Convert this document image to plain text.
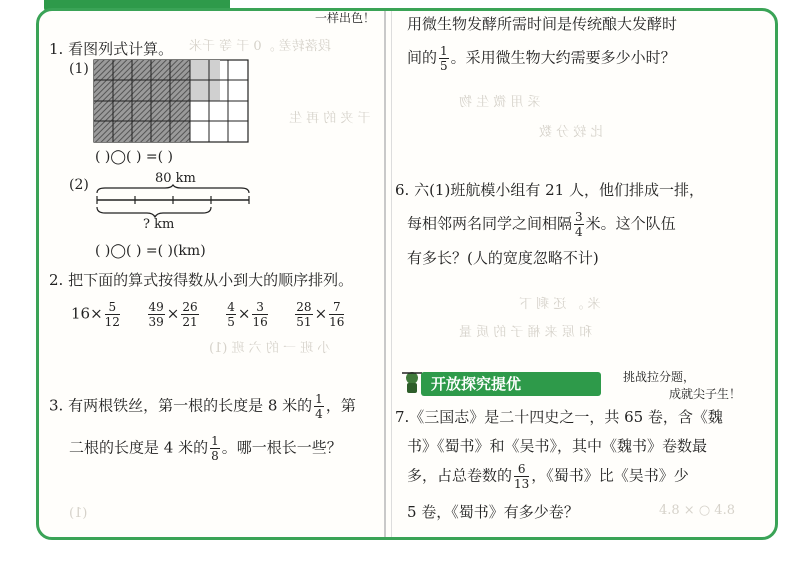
段落转差 。0 干 等 千米
干 夹 的 再 生
采 用 微 生 物
比 较 分 数
米 。 还 剩 下
和 原 来 桶 子 的 质 量
小 班 一 的 六 班 (1)
(1)	4.8 × ○ 4.8
一样出色！
1. 看图列式计算。
(1)
( )◯( ) =( )
(2)	80 km
? km
( )◯( ) =( )(km)
2. 把下面的算式按得数从小到大的顺序排列。
$16\times \frac{5}{12}$
$\frac{49}{39} \times \frac{26}{21}$
$\frac{4}{5} \times \frac{3}{16}$
$\frac{28}{51} \times \frac{7}{16}$
3. 有两根铁丝，第一根的长度是 8 米的 $\frac{1}{4}$ ，第
二根的长度是 4 米的 $\frac{1}{8}$ 。哪一根长一些？
用微生物发酵所需时间是传统酿大发酵时
间的 $\frac{1}{5}$ 。采用微生物大约需要多少小时？
6. 六(1)班航模小组有 21 人，他们排成一排，
每相邻两名同学之间相隔 $\frac{3}{4}$ 米。这个队伍
有多长？(人的宽度忽略不计)
开放探究提优	挑战拉分题，
成就尖子生！
7.《三国志》是二十四史之一，共 65 卷，含《魏
书》《蜀书》和《吴书》，其中《魏书》卷数最
多，占总卷数的 $\frac{6}{13}$ ，《蜀书》比《吴书》少
5 卷，《蜀书》有多少卷？
